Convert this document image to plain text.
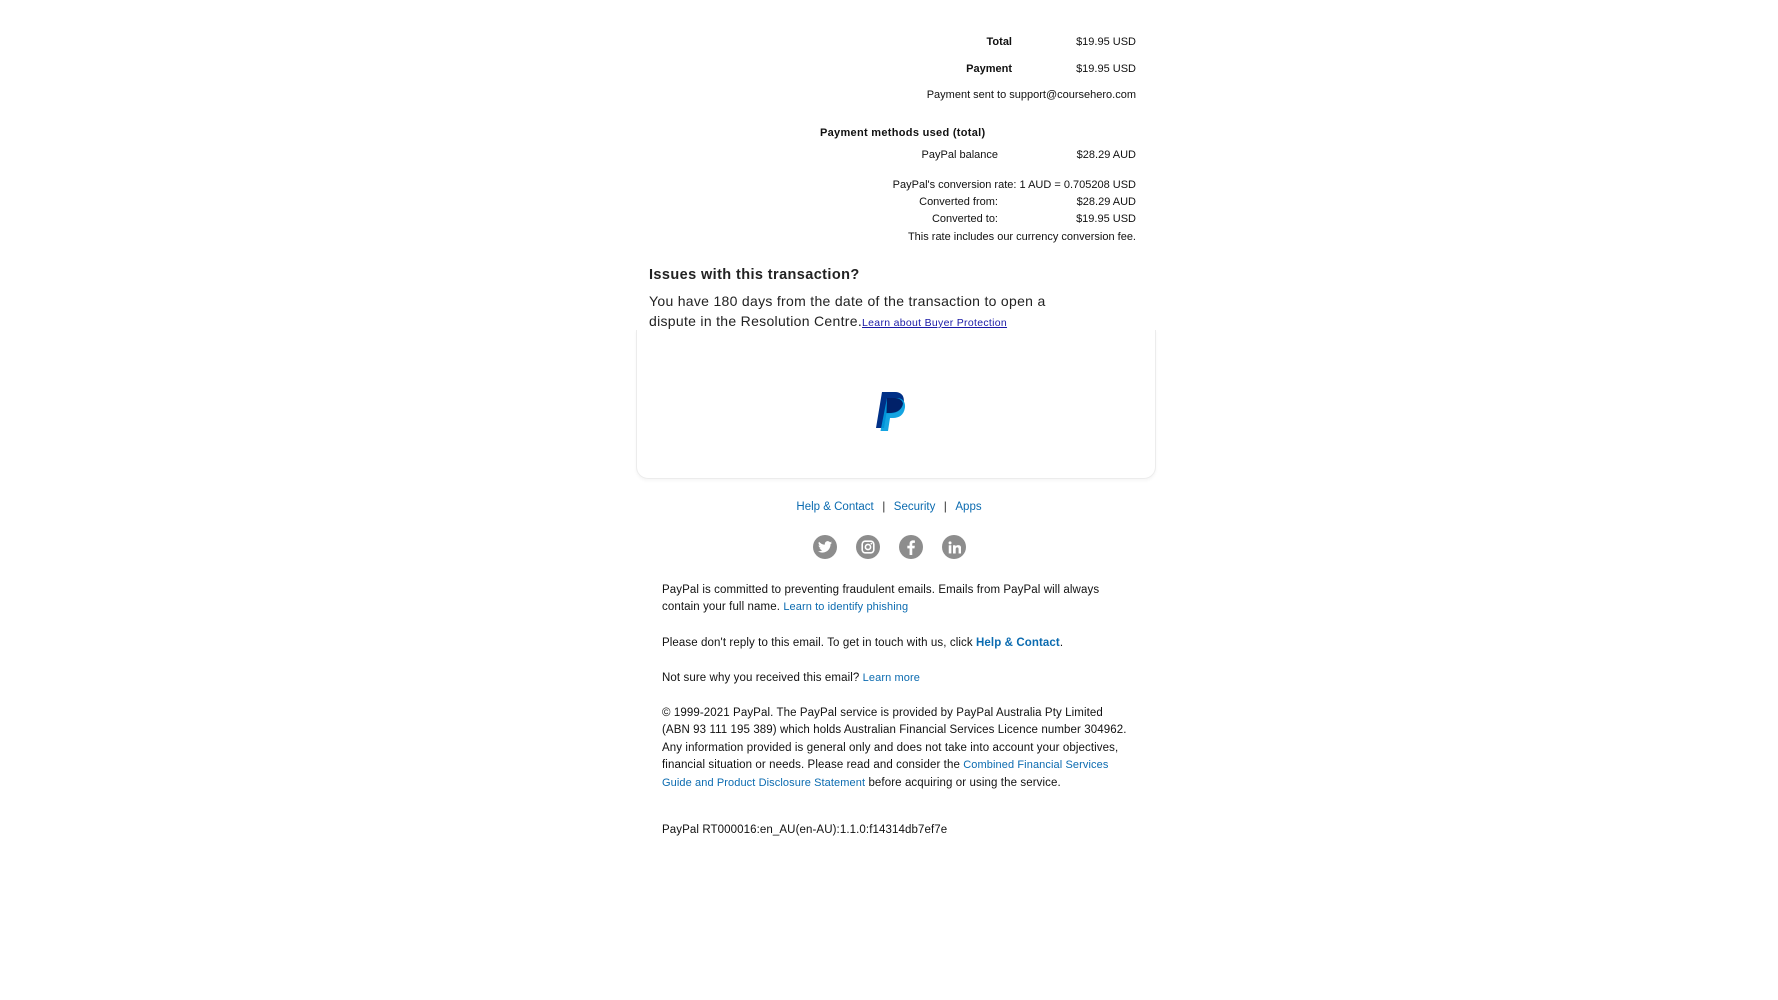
Total	$19.95 USD
Payment	$19.95 USD
Payment sent to support@coursehero.com
Payment methods used (total)
PayPal balance	$28.29 AUD
PayPal's conversion rate: 1 AUD = 0.705208 USD
Converted from:	$28.29 AUD
Converted to:	$19.95 USD
This rate includes our currency conversion fee.
Issues with this transaction?
You have 180 days from the date of the transaction to open a
dispute in the Resolution Centre.Learn about Buyer Protection
Help & Contact | Security | Apps
PayPal is committed to preventing fraudulent emails. Emails from PayPal will always contain your full name. Learn to identify phishing
Please don't reply to this email. To get in touch with us, click Help & Contact.
Not sure why you received this email? Learn more
© 1999-2021 PayPal. The PayPal service is provided by PayPal Australia Pty Limited (ABN 93 111 195 389) which holds Australian Financial Services Licence number 304962. Any information provided is general only and does not take into account your objectives, financial situation or needs. Please read and consider the Combined Financial Services Guide and Product Disclosure Statement before acquiring or using the service.
PayPal RT000016:en_AU(en-AU):1.1.0:f14314db7ef7e
